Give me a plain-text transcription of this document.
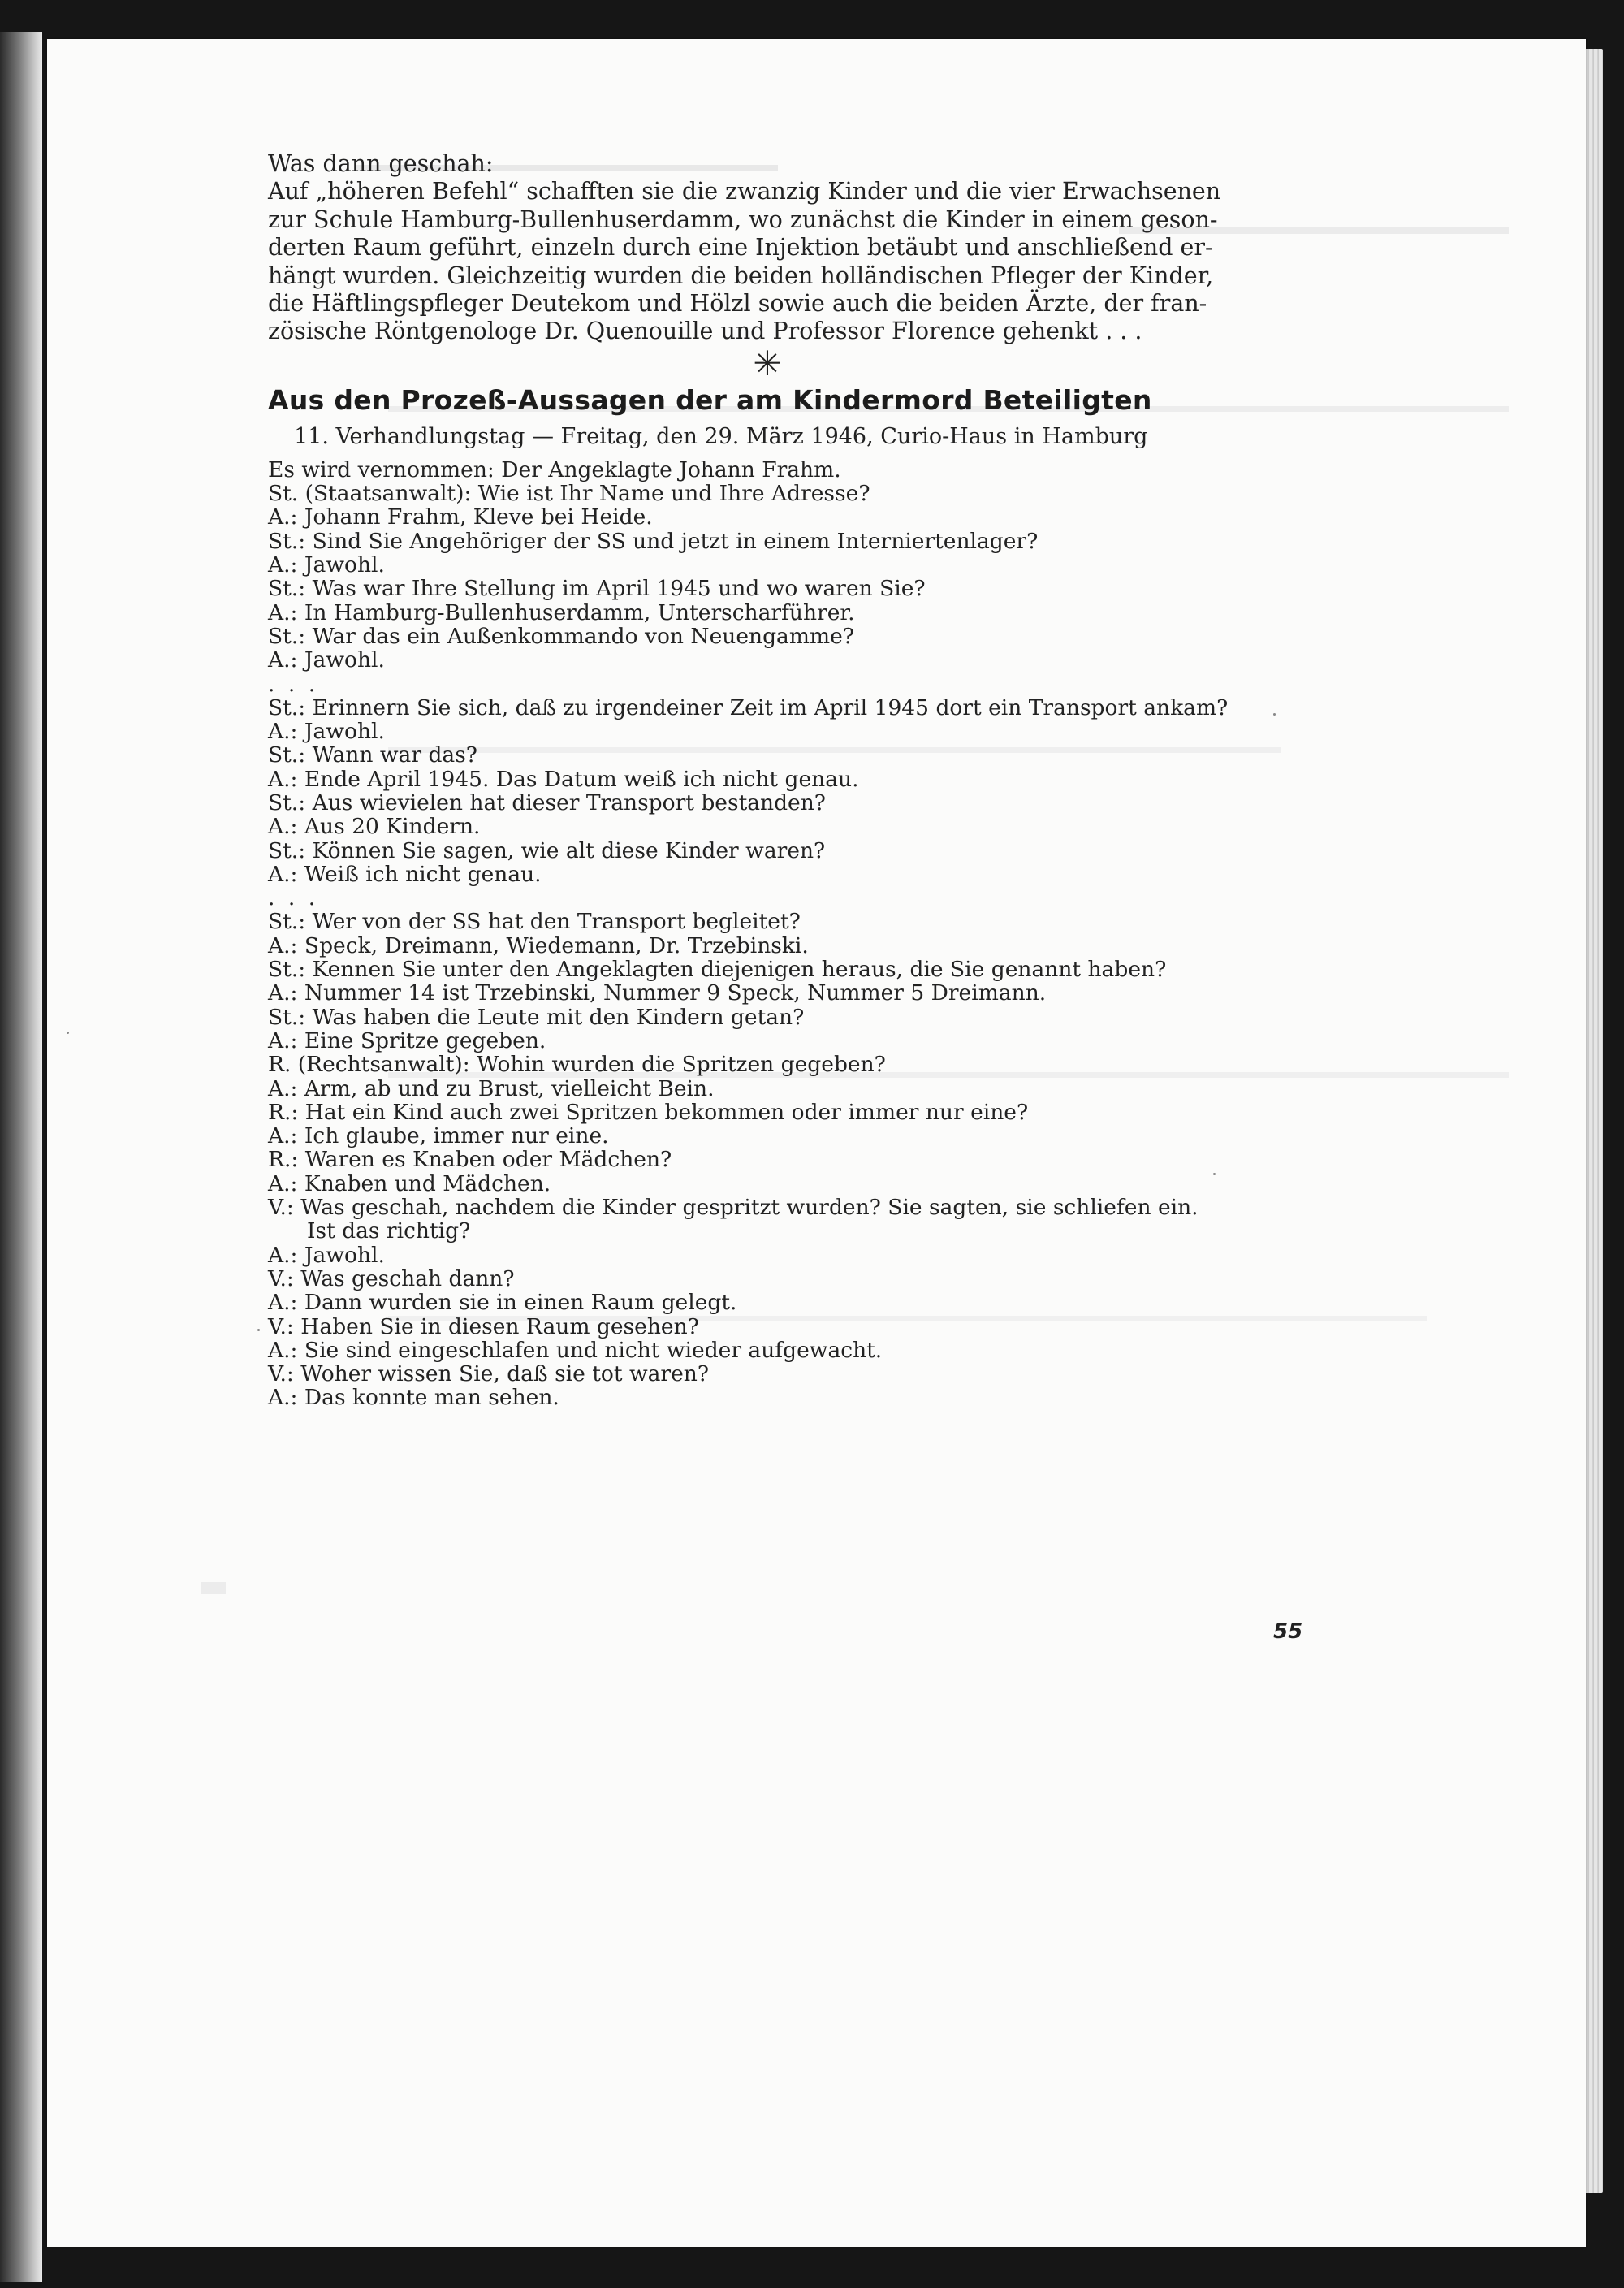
55

Was dann geschah:
Auf „höheren Befehl“ schafften sie die zwanzig Kinder und die vier Erwachsenen
zur Schule Hamburg-Bullenhuserdamm, wo zunächst die Kinder in einem geson-
derten Raum geführt, einzeln durch eine Injektion betäubt und anschließend er-
hängt wurden. Gleichzeitig wurden die beiden holländischen Pfleger der Kinder,
die Häftlingspfleger Deutekom und Hölzl sowie auch die beiden Ärzte, der fran-
zösische Röntgenologe Dr. Quenouille und Professor Florence gehenkt . . .

✳
Aus den Prozeß-Aussagen der am Kindermord Beteiligten
11. Verhandlungstag — Freitag, den 29. März 1946, Curio-Haus in Hamburg
Es wird vernommen: Der Angeklagte Johann Frahm.
St. (Staatsanwalt): Wie ist Ihr Name und Ihre Adresse?
A.: Johann Frahm, Kleve bei Heide.
St.: Sind Sie Angehöriger der SS und jetzt in einem Interniertenlager?
A.: Jawohl.
St.: Was war Ihre Stellung im April 1945 und wo waren Sie?
A.: In Hamburg-Bullenhuserdamm, Unterscharführer.
St.: War das ein Außenkommando von Neuengamme?
A.: Jawohl.
. . .
St.: Erinnern Sie sich, daß zu irgendeiner Zeit im April 1945 dort ein Transport ankam?
A.: Jawohl.
St.: Wann war das?
A.: Ende April 1945. Das Datum weiß ich nicht genau.
St.: Aus wievielen hat dieser Transport bestanden?
A.: Aus 20 Kindern.
St.: Können Sie sagen, wie alt diese Kinder waren?
A.: Weiß ich nicht genau.
. . .
St.: Wer von der SS hat den Transport begleitet?
A.: Speck, Dreimann, Wiedemann, Dr. Trzebinski.
St.: Kennen Sie unter den Angeklagten diejenigen heraus, die Sie genannt haben?
A.: Nummer 14 ist Trzebinski, Nummer 9 Speck, Nummer 5 Dreimann.
St.: Was haben die Leute mit den Kindern getan?
A.: Eine Spritze gegeben.
R. (Rechtsanwalt): Wohin wurden die Spritzen gegeben?
A.: Arm, ab und zu Brust, vielleicht Bein.
R.: Hat ein Kind auch zwei Spritzen bekommen oder immer nur eine?
A.: Ich glaube, immer nur eine.
R.: Waren es Knaben oder Mädchen?
A.: Knaben und Mädchen.
V.: Was geschah, nachdem die Kinder gespritzt wurden? Sie sagten, sie schliefen ein.
Ist das richtig?
A.: Jawohl.
V.: Was geschah dann?
A.: Dann wurden sie in einen Raum gelegt.
V.: Haben Sie in diesen Raum gesehen?
A.: Sie sind eingeschlafen und nicht wieder aufgewacht.
V.: Woher wissen Sie, daß sie tot waren?
A.: Das konnte man sehen.
